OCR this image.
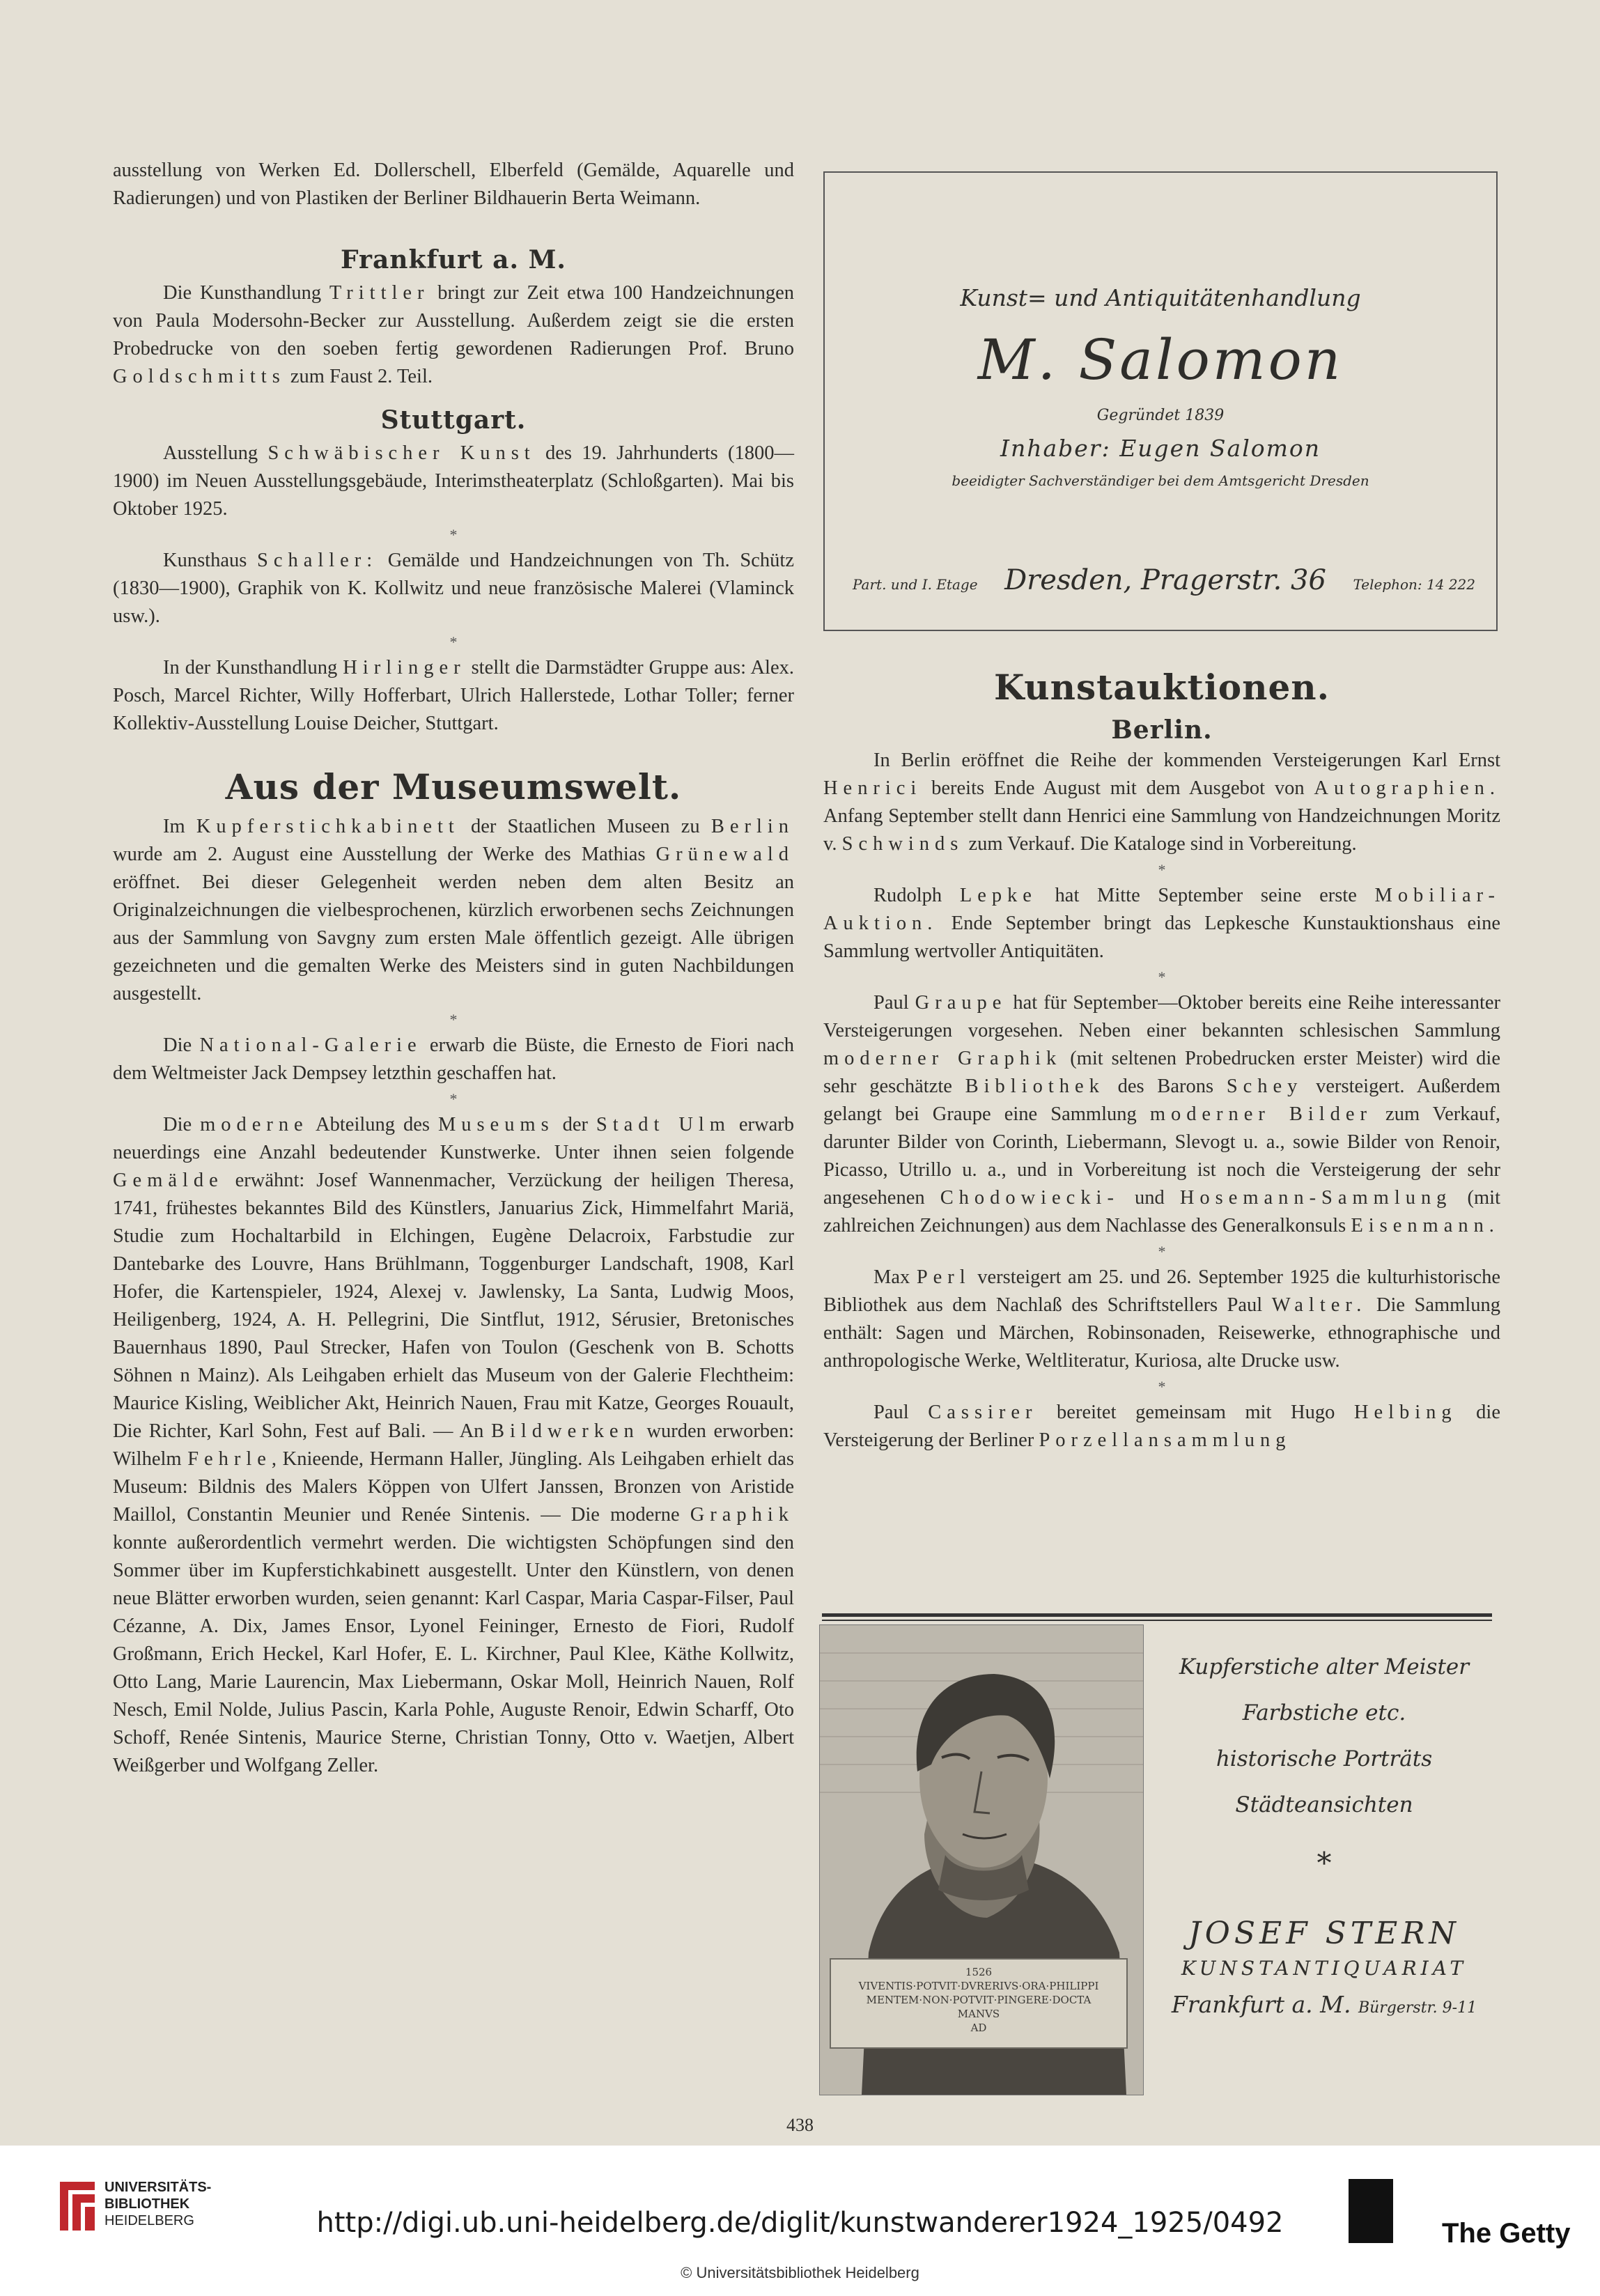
ausstellung von Werken Ed. Dollerschell, Elberfeld (Gemälde, Aquarelle und Radierungen) und von Plastiken der Berliner Bildhauerin Berta Weimann.

Frankfurt a. M.

Die Kunsthandlung Trittler bringt zur Zeit etwa 100 Handzeichnungen von Paula Modersohn-Becker zur Ausstellung. Außerdem zeigt sie die ersten Probedrucke von den soeben fertig gewordenen Radierungen Prof. Bruno Goldschmitts zum Faust 2. Teil.

Stuttgart.

Ausstellung Schwäbischer Kunst des 19. Jahrhunderts (1800—1900) im Neuen Ausstellungsgebäude, Interimstheaterplatz (Schloßgarten). Mai bis Oktober 1925.

*

Kunsthaus Schaller: Gemälde und Handzeichnungen von Th. Schütz (1830—1900), Graphik von K. Kollwitz und neue französische Malerei (Vlaminck usw.).

*

In der Kunsthandlung Hirlinger stellt die Darmstädter Gruppe aus: Alex. Posch, Marcel Richter, Willy Hofferbart, Ulrich Hallerstede, Lothar Toller; ferner Kollektiv-Ausstellung Louise Deicher, Stuttgart.

Aus der Museumswelt.

Im Kupferstichkabinett der Staatlichen Museen zu Berlin wurde am 2. August eine Ausstellung der Werke des Mathias Grünewald eröffnet. Bei dieser Gelegenheit werden neben dem alten Besitz an Originalzeichnungen die vielbesprochenen, kürzlich erworbenen sechs Zeichnungen aus der Sammlung von Savgny zum ersten Male öffentlich gezeigt. Alle übrigen gezeichneten und die gemalten Werke des Meisters sind in guten Nachbildungen ausgestellt.

*

Die National-Galerie erwarb die Büste, die Ernesto de Fiori nach dem Weltmeister Jack Dempsey letzthin geschaffen hat.

*

Die moderne Abteilung des Museums der Stadt Ulm erwarb neuerdings eine Anzahl bedeutender Kunstwerke. Unter ihnen seien folgende Gemälde erwähnt: Josef Wannenmacher, Verzückung der heiligen Theresa, 1741, frühestes bekanntes Bild des Künstlers, Januarius Zick, Himmelfahrt Mariä, Studie zum Hochaltarbild in Elchingen, Eugène Delacroix, Farbstudie zur Dantebarke des Louvre, Hans Brühlmann, Toggenburger Landschaft, 1908, Karl Hofer, die Kartenspieler, 1924, Alexej v. Jawlensky, La Santa, Ludwig Moos, Heiligenberg, 1924, A. H. Pellegrini, Die Sintflut, 1912, Sérusier, Bretonisches Bauernhaus 1890, Paul Strecker, Hafen von Toulon (Geschenk von B. Schotts Söhnen n Mainz). Als Leihgaben erhielt das Museum von der Galerie Flechtheim: Maurice Kisling, Weiblicher Akt, Heinrich Nauen, Frau mit Katze, Georges Rouault, Die Richter, Karl Sohn, Fest auf Bali. — An Bildwerken wurden erworben: Wilhelm Fehrle, Knieende, Hermann Haller, Jüngling. Als Leihgaben erhielt das Museum: Bildnis des Malers Köppen von Ulfert Janssen, Bronzen von Aristide Maillol, Constantin Meunier und Renée Sintenis. — Die moderne Graphik konnte außerordentlich vermehrt werden. Die wichtigsten Schöpfungen sind den Sommer über im Kupferstichkabinett ausgestellt. Unter den Künstlern, von denen neue Blätter erworben wurden, seien genannt: Karl Caspar, Maria Caspar-Filser, Paul Cézanne, A. Dix, James Ensor, Lyonel Feininger, Ernesto de Fiori, Rudolf Großmann, Erich Heckel, Karl Hofer, E. L. Kirchner, Paul Klee, Käthe Kollwitz, Otto Lang, Marie Laurencin, Max Liebermann, Oskar Moll, Heinrich Nauen, Rolf Nesch, Emil Nolde, Julius Pascin, Karla Pohle, Auguste Renoir, Edwin Scharff, Oto Schoff, Renée Sintenis, Maurice Sterne, Christian Tonny, Otto v. Waetjen, Albert Weißgerber und Wolfgang Zeller.

Kunst= und Antiquitätenhandlung
M. Salomon
Gegründet 1839
Inhaber: Eugen Salomon
beeidigter Sachverständiger bei dem Amtsgericht Dresden
Part. und I. Etage Dresden, Pragerstr. 36 Telephon: 14 222
Kunstauktionen.
Berlin.

In Berlin eröffnet die Reihe der kommenden Versteigerungen Karl Ernst Henrici bereits Ende August mit dem Ausgebot von Autographien. Anfang September stellt dann Henrici eine Sammlung von Handzeichnungen Moritz v. Schwinds zum Verkauf. Die Kataloge sind in Vorbereitung.

*

Rudolph Lepke hat Mitte September seine erste Mobiliar-Auktion. Ende September bringt das Lepkesche Kunstauktionshaus eine Sammlung wertvoller Antiquitäten.

*

Paul Graupe hat für September—Oktober bereits eine Reihe interessanter Versteigerungen vorgesehen. Neben einer bekannten schlesischen Sammlung moderner Graphik (mit seltenen Probedrucken erster Meister) wird die sehr geschätzte Bibliothek des Barons Schey versteigert. Außerdem gelangt bei Graupe eine Sammlung moderner Bilder zum Verkauf, darunter Bilder von Corinth, Liebermann, Slevogt u. a., sowie Bilder von Renoir, Picasso, Utrillo u. a., und in Vorbereitung ist noch die Versteigerung der sehr angesehenen Chodowiecki- und Hosemann-Sammlung (mit zahlreichen Zeichnungen) aus dem Nachlasse des Generalkonsuls Eisenmann.

*

Max Perl versteigert am 25. und 26. September 1925 die kulturhistorische Bibliothek aus dem Nachlaß des Schriftstellers Paul Walter. Die Sammlung enthält: Sagen und Märchen, Robinsonaden, Reisewerke, ethnographische und anthropologische Werke, Weltliteratur, Kuriosa, alte Drucke usw.

*

Paul Cassirer bereitet gemeinsam mit Hugo Helbing die Versteigerung der Berliner Porzellansammlung

1526
VIVENTIS·POTVIT·DVRERIVS·ORA·PHILIPPI
MENTEM·NON·POTVIT·PINGERE·DOCTA
MANVS
AD
Kupferstiche alter Meister
Farbstiche etc.
historische Porträts
Städteansichten
*
JOSEF STERN
KUNSTANTIQUARIAT
Frankfurt a. M. Bürgerstr. 9-11
438
UNIVERSITÄTS-
BIBLIOTHEK
HEIDELBERG	http://digi.ub.uni-heidelberg.de/diglit/kunstwanderer1924_1925/0492
© Universitätsbibliothek Heidelberg
The Getty
